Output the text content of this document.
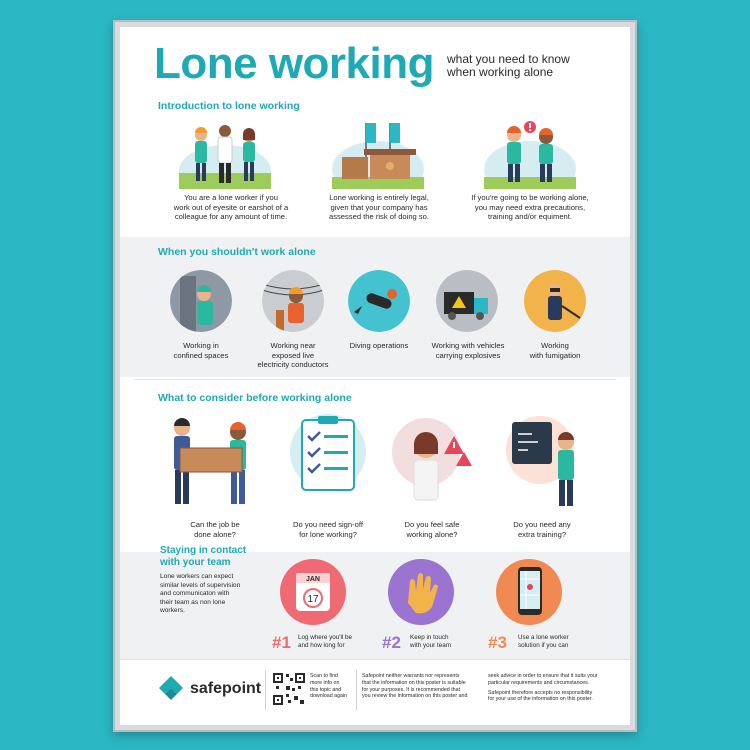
Lone working what you need to know
when working alone
Introduction to lone working
You are a lone worker if you
work out of eyesite or earshot of a
colleague for any amount of time.
Lone working is entirely legal,
given that your company has
assessed the risk of doing so.
If you're going to be working alone,
you may need extra precautions,
training and/or equiment.
When you shouldn't work alone
Working in
confined spaces
Working near
exposed live
electricity conductors
Diving operations	Working with vehicles
carrying explosives
Working
with fumigation
What to consider before working alone
Can the job be
done alone?
Do you need sign-off
for lone working?
Do you feel safe
working alone?
Do you need any
extra training?
Staying in contact
with your team
Lone workers can expect
similar levels of supervision
and communicaton with
their team as non lone
workers.
JAN
17
#1 Log where you'll be
and how long for	#2 Keep in touch
with your team	#3 Use a lone worker
solution if you can
safepoint
Scan to find
more info on
this topic and
download again
Safepoint neither warrants nor represents
that the information on this poster is suitable
for your purposes. It is recommended that
you review the information on this poster and
seek advice in order to ensure that it suits your
particular requirements and circumstances.
Safepoint therefore accepts no responsibility
for your use of the information on this poster.
